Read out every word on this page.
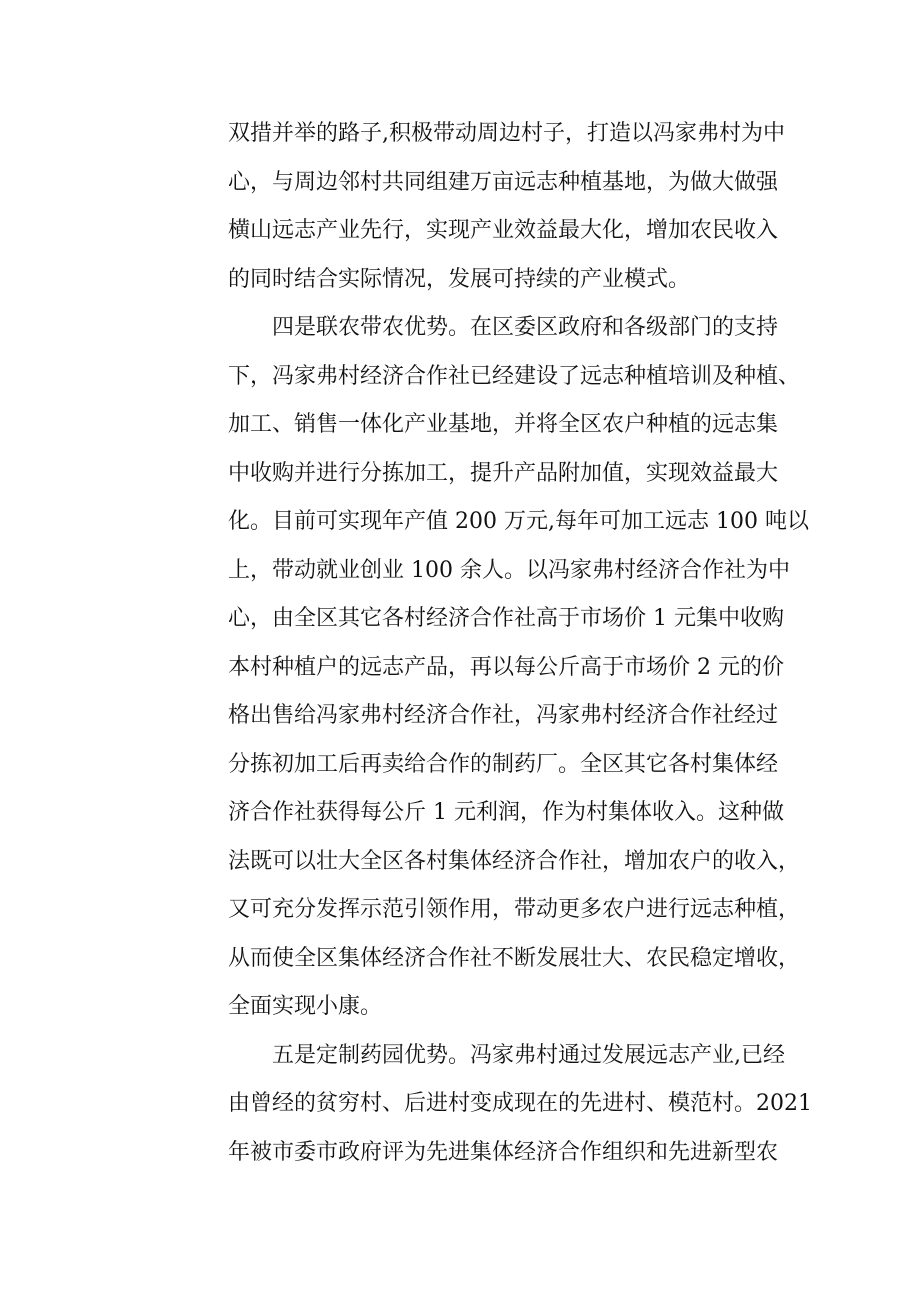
双措并举的路子,积极带动周边村子，打造以冯家弗村为中
心，与周边邻村共同组建万亩远志种植基地，为做大做强
横山远志产业先行，实现产业效益最大化，增加农民收入
的同时结合实际情况，发展可持续的产业模式。
四是联农带农优势。在区委区政府和各级部门的支持
下，冯家弗村经济合作社已经建设了远志种植培训及种植、
加工、销售一体化产业基地，并将全区农户种植的远志集
中收购并进行分拣加工，提升产品附加值，实现效益最大
化。目前可实现年产值 200 万元,每年可加工远志 100 吨以
上，带动就业创业 100 余人。以冯家弗村经济合作社为中
心，由全区其它各村经济合作社高于市场价 1 元集中收购
本村种植户的远志产品，再以每公斤高于市场价 2 元的价
格出售给冯家弗村经济合作社，冯家弗村经济合作社经过
分拣初加工后再卖给合作的制药厂。全区其它各村集体经
济合作社获得每公斤 1 元利润，作为村集体收入。这种做
法既可以壮大全区各村集体经济合作社，增加农户的收入，
又可充分发挥示范引领作用，带动更多农户进行远志种植，
从而使全区集体经济合作社不断发展壮大、农民稳定增收，
全面实现小康。
五是定制药园优势。冯家弗村通过发展远志产业,已经
由曾经的贫穷村、后进村变成现在的先进村、模范村。2021
年被市委市政府评为先进集体经济合作组织和先进新型农
